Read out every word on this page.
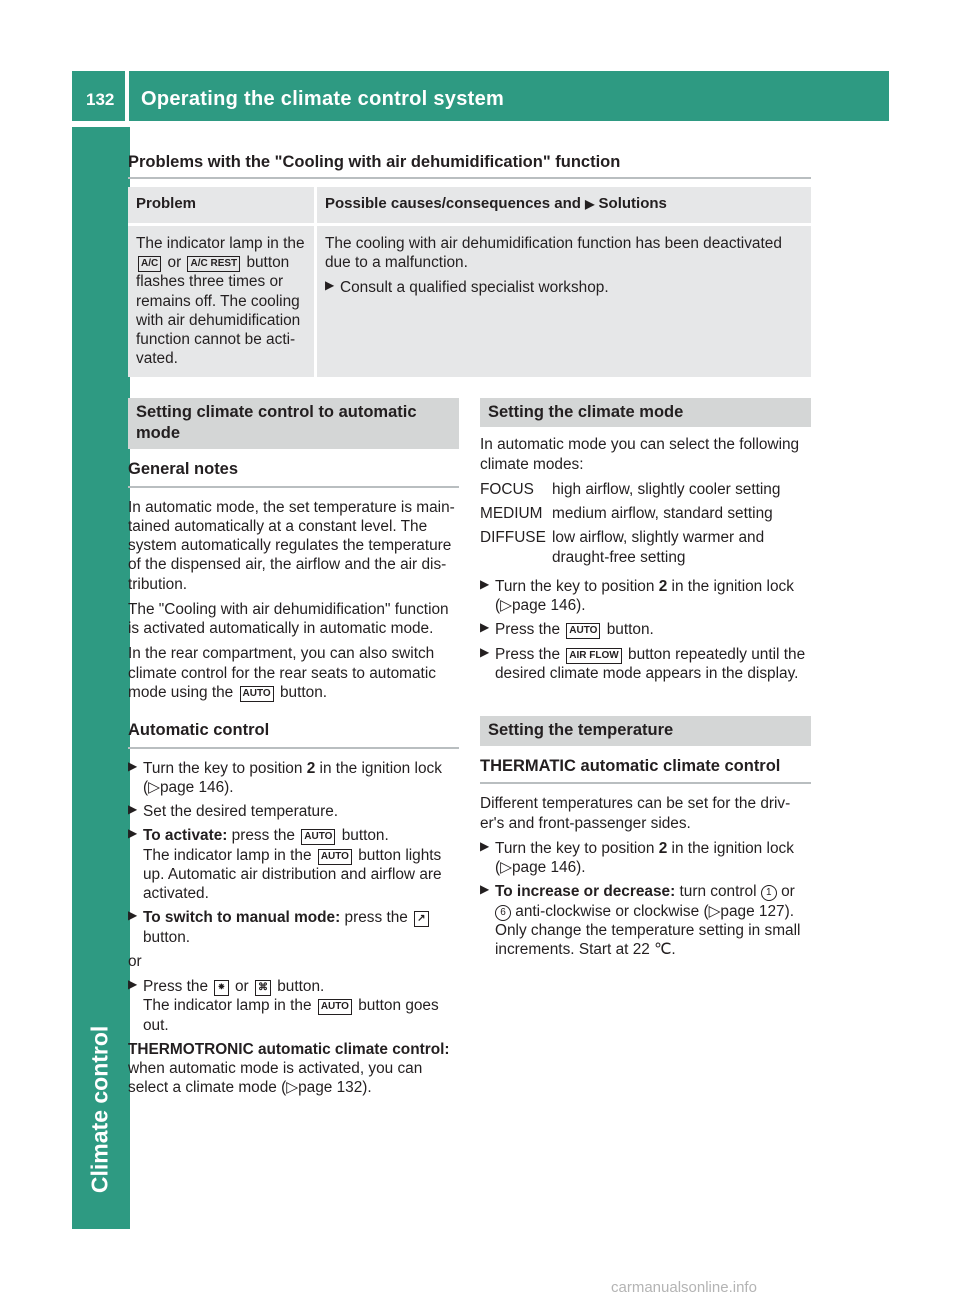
132 Operating the climate control system
Climate control
Problems with the "Cooling with air dehumidification" function
Problem	Possible causes/consequences and ▶ Solutions
The indicator lamp in the A/C or A/C REST button flashes three times or remains off. The cooling with air dehumidification function cannot be acti- vated.	The cooling with air dehumidification function has been deactivated due to a malfunction.

▶ Consult a qualified specialist workshop.
Setting climate control to automatic mode
General notes

In automatic mode, the set temperature is main- tained automatically at a constant level. The system automatically regulates the temperature of the dispensed air, the airflow and the air dis- tribution.

The "Cooling with air dehumidification" function is activated automatically in automatic mode.

In the rear compartment, you can also switch climate control for the rear seats to automatic mode using the AUTO button.

Automatic control
▶ Turn the key to position 2 in the ignition lock (▷page 146).
▶ Set the desired temperature.
▶ To activate: press the AUTO button.
The indicator lamp in the AUTO button lights up. Automatic air distribution and airflow are activated.
▶ To switch to manual mode: press the ↗
button.

or

▶ Press the ⁕ or ⌘ button.
The indicator lamp in the AUTO button goes out.

THERMOTRONIC automatic climate control: when automatic mode is activated, you can select a climate mode (▷page 132).

Setting the climate mode

In automatic mode you can select the following climate modes:

FOCUS	high airflow, slightly cooler setting
MEDIUM medium airflow, standard setting
DIFFUSE low airflow, slightly warmer and draught-free setting
▶ Turn the key to position 2 in the ignition lock (▷page 146).
▶ Press the AUTO button.
▶ Press the AIR FLOW button repeatedly until the desired climate mode appears in the display.
Setting the temperature
THERMATIC automatic climate control

Different temperatures can be set for the driv- er's and front-passenger sides.

▶ Turn the key to position 2 in the ignition lock (▷page 146).
▶ To increase or decrease: turn control 1 or
6 anti-clockwise or clockwise (▷page 127).
Only change the temperature setting in small increments. Start at 22 ℃.
carmanualsonline.info
